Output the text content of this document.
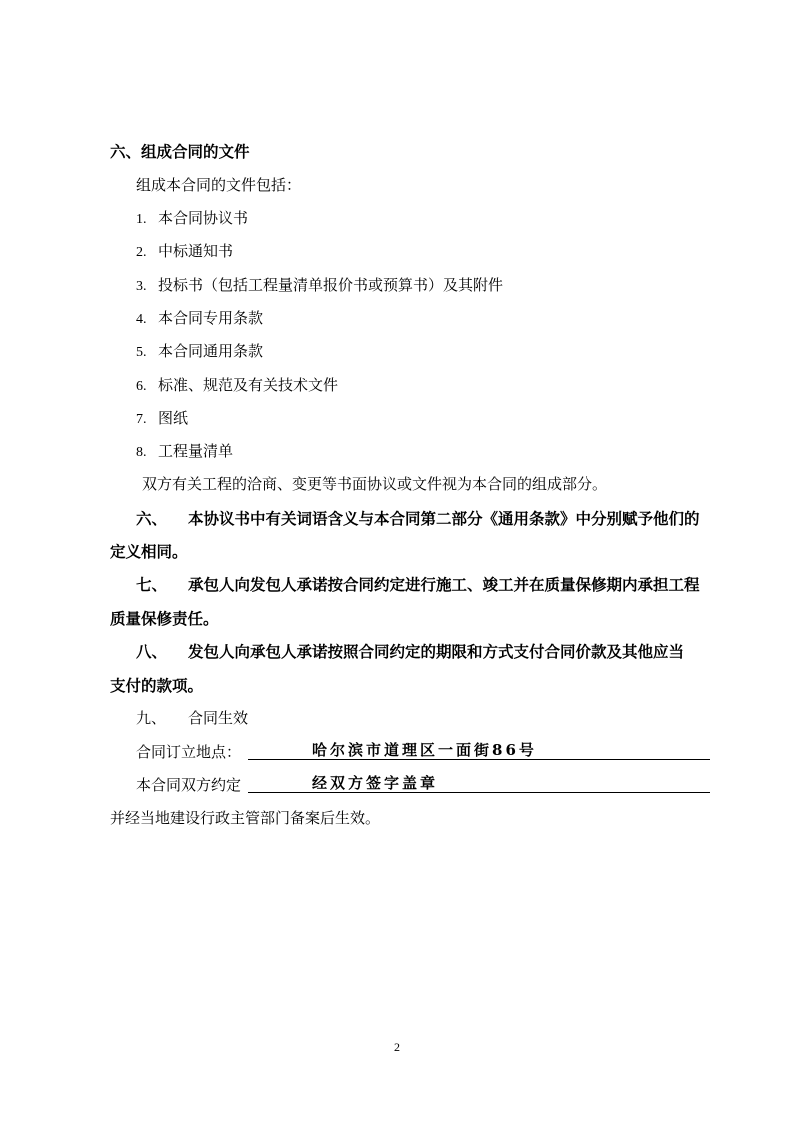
六、组成合同的文件
组成本合同的文件包括：
1. 本合同协议书
2. 中标通知书
3. 投标书（包括工程量清单报价书或预算书）及其附件
4. 本合同专用条款
5. 本合同通用条款
6. 标准、规范及有关技术文件
7. 图纸
8. 工程量清单
双方有关工程的洽商、变更等书面协议或文件视为本合同的组成部分。
六、 本协议书中有关词语含义与本合同第二部分《通用条款》中分别赋予他们的
定义相同。
七、 承包人向发包人承诺按合同约定进行施工、竣工并在质量保修期内承担工程
质量保修责任。
八、 发包人向承包人承诺按照合同约定的期限和方式支付合同价款及其他应当
支付的款项。
九、 合同生效
合同订立地点：	哈尔滨市道理区一面街86号
本合同双方约定	经双方签字盖章
并经当地建设行政主管部门备案后生效。
2
